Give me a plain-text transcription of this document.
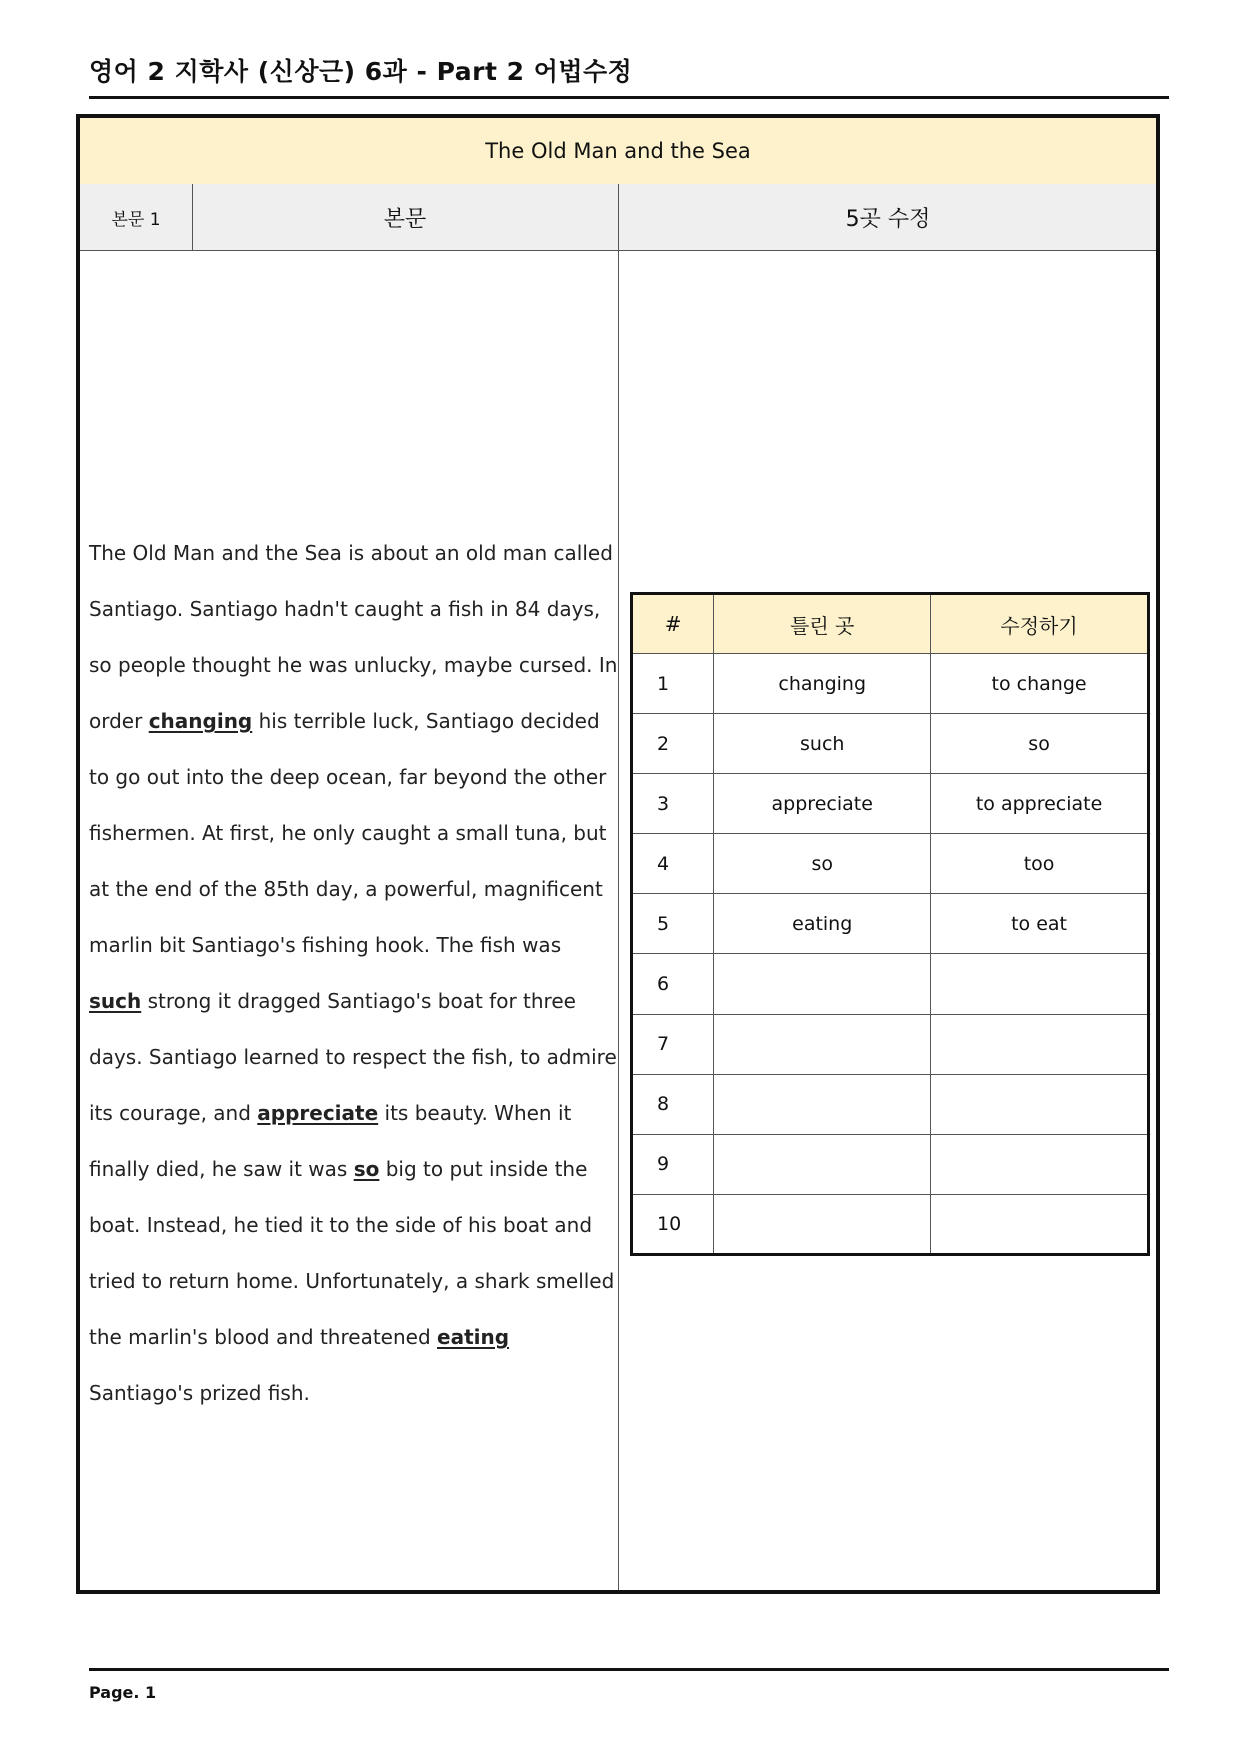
영어 2 지학사 (신상근) 6과 - Part 2 어법수정
The Old Man and the Sea
본문 1	본문	5곳 수정
The Old Man and the Sea is about an old man called Santiago. Santiago hadn't caught a fish in 84 days, so people thought he was unlucky, maybe cursed. In order changing his terrible luck, Santiago decided to go out into the deep ocean, far beyond the other fishermen. At first, he only caught a small tuna, but at the end of the 85th day, a powerful, magnificent marlin bit Santiago's fishing hook. The fish was such strong it dragged Santiago's boat for three days. Santiago learned to respect the fish, to admire its courage, and appreciate its beauty. When it finally died, he saw it was so big to put inside the boat. Instead, he tied it to the side of his boat and tried to return home. Unfortunately, a shark smelled the marlin's blood and threatened eating Santiago's prized fish.
#	틀린 곳	수정하기
1	changing	to change
2	such	so
3	appreciate	to appreciate
4	so	too
5	eating	to eat
6		
7		
8		
9		
10		
Page. 1
